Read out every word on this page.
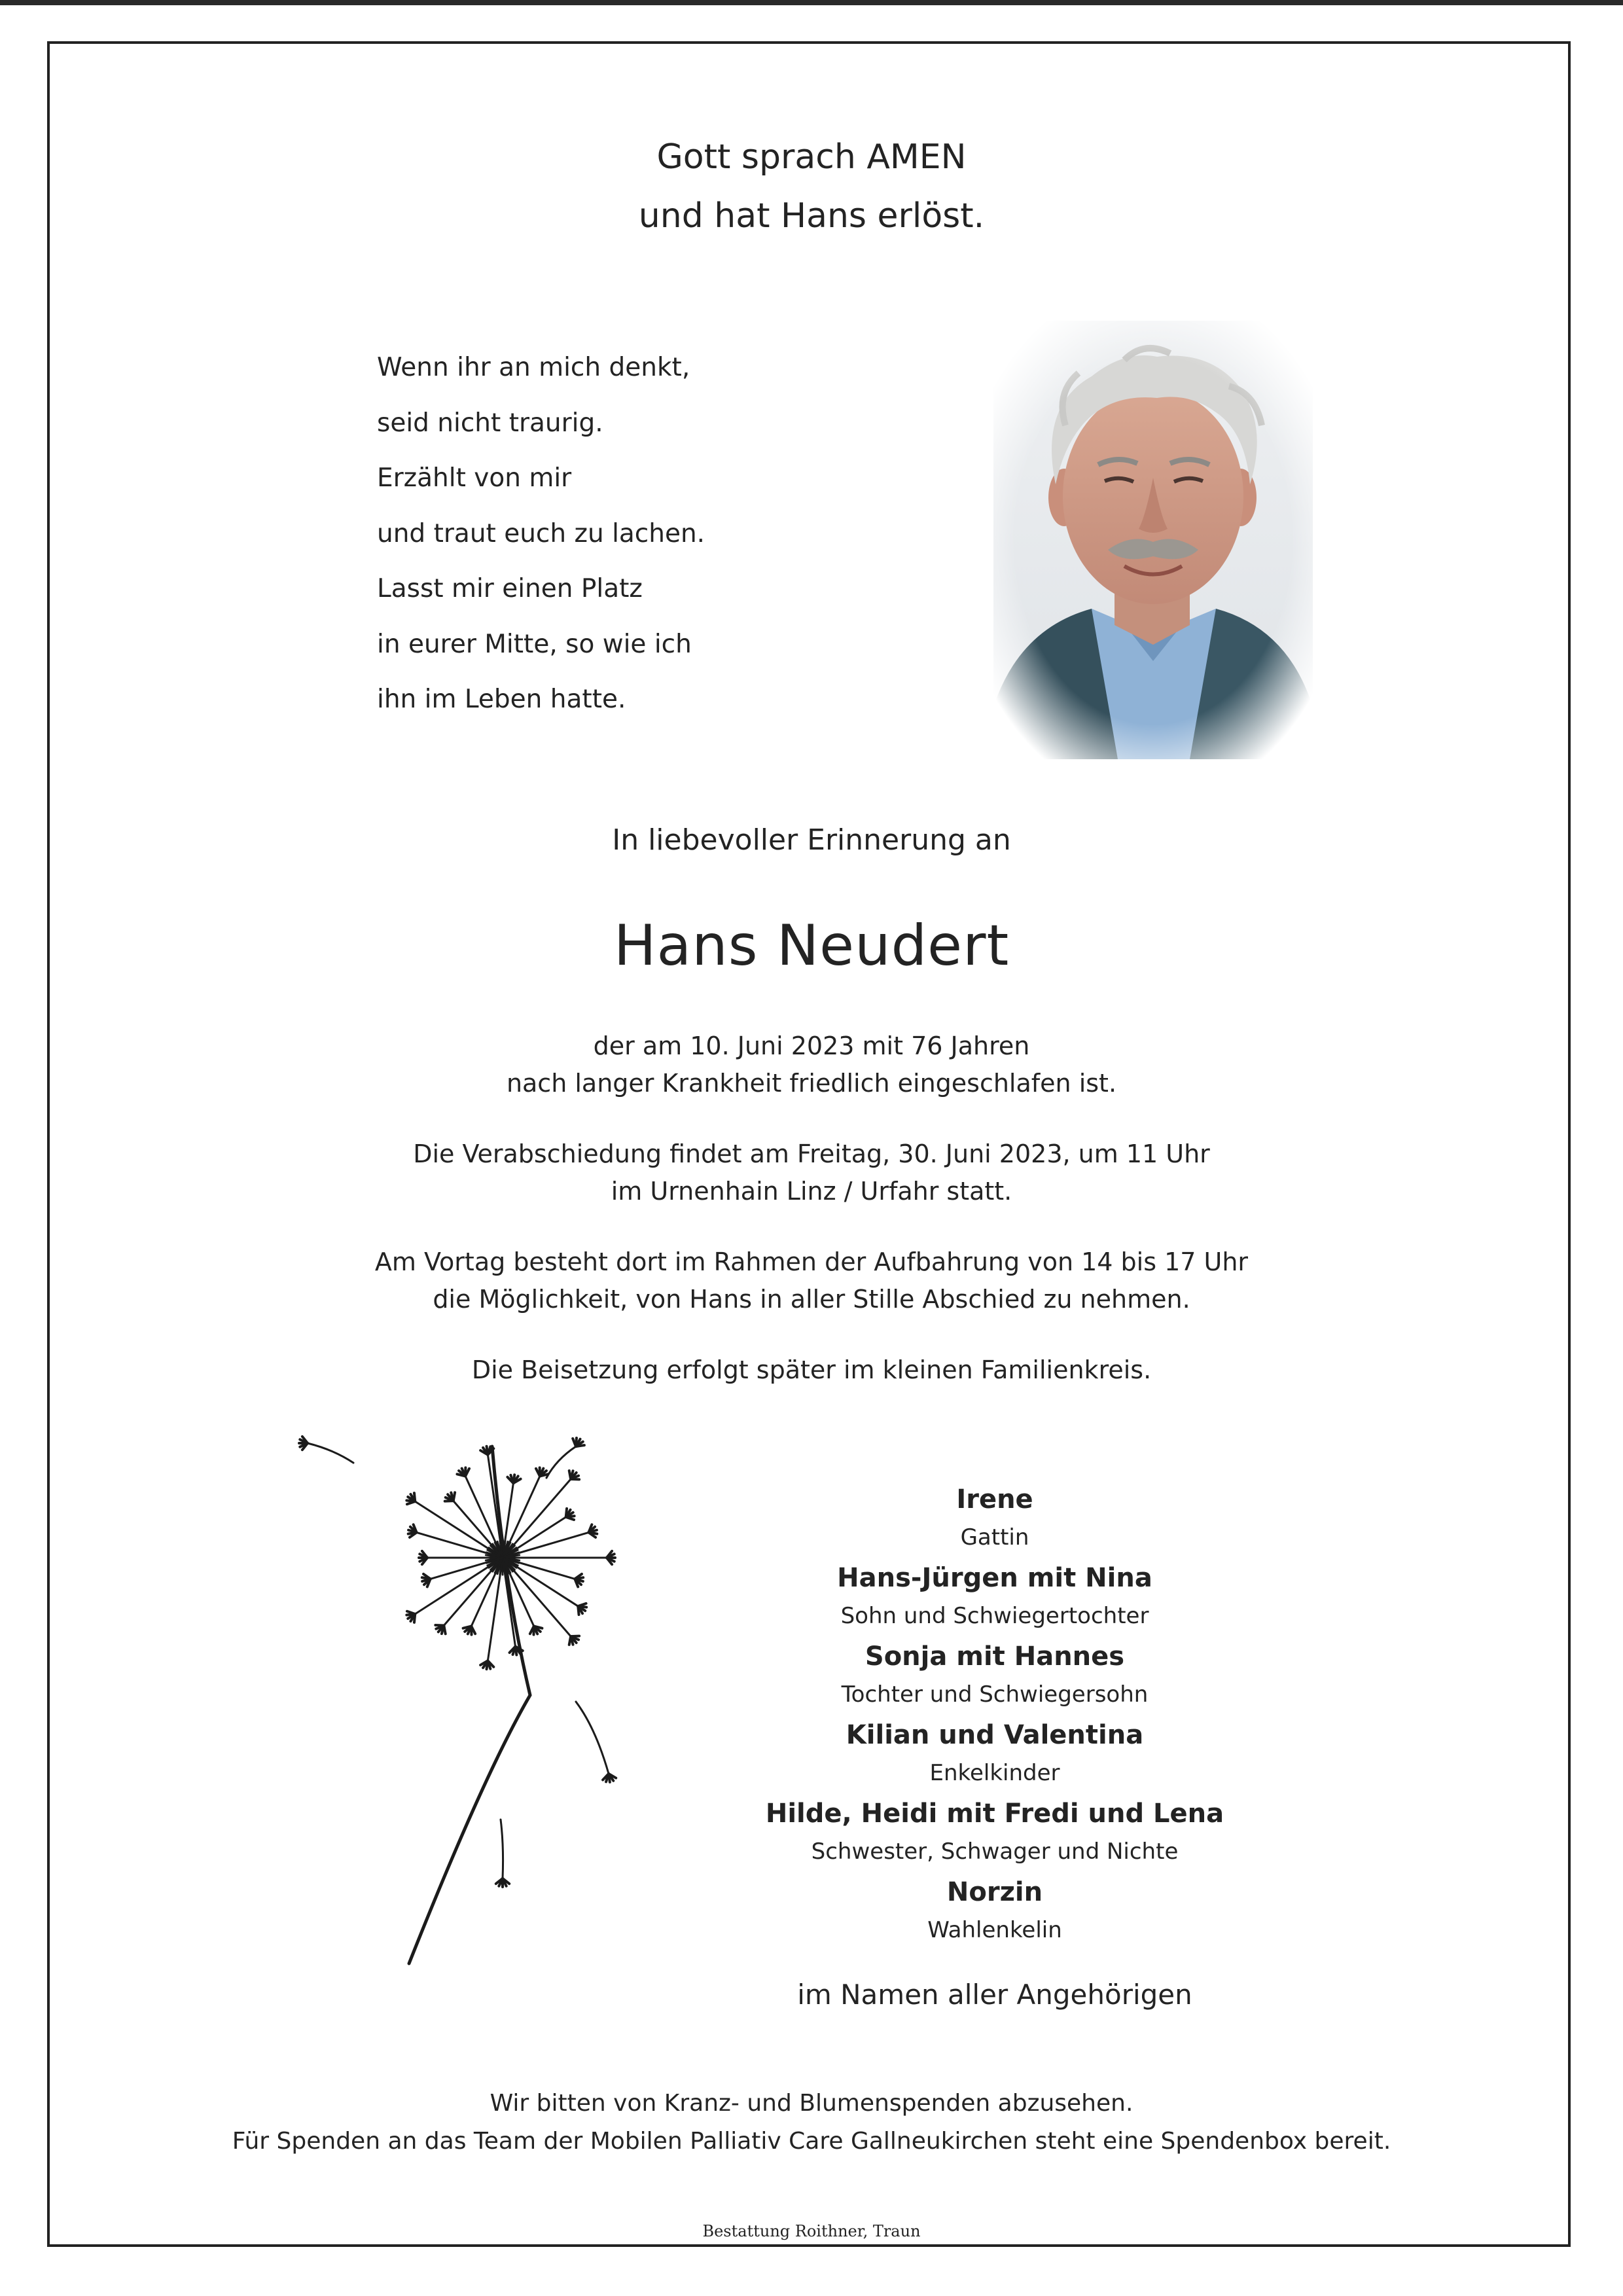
Gott sprach AMEN
und hat Hans erlöst.
Wenn ihr an mich denkt,
seid nicht traurig.
Erzählt von mir
und traut euch zu lachen.
Lasst mir einen Platz
in eurer Mitte, so wie ich
ihn im Leben hatte.
In liebevoller Erinnerung an
Hans Neudert

der am 10. Juni 2023 mit 76 Jahren
nach langer Krankheit friedlich eingeschlafen ist.

Die Verabschiedung findet am Freitag, 30. Juni 2023, um 11 Uhr
im Urnenhain Linz / Urfahr statt.

Am Vortag besteht dort im Rahmen der Aufbahrung von 14 bis 17 Uhr
die Möglichkeit, von Hans in aller Stille Abschied zu nehmen.

Die Beisetzung erfolgt später im kleinen Familienkreis.

Irene
Gattin
Hans-Jürgen mit Nina
Sohn und Schwiegertochter
Sonja mit Hannes
Tochter und Schwiegersohn
Kilian und Valentina
Enkelkinder
Hilde, Heidi mit Fredi und Lena
Schwester, Schwager und Nichte
Norzin
Wahlenkelin
im Namen aller Angehörigen
Wir bitten von Kranz- und Blumenspenden abzusehen.
Für Spenden an das Team der Mobilen Palliativ Care Gallneukirchen steht eine Spendenbox bereit.
Bestattung Roithner, Traun
